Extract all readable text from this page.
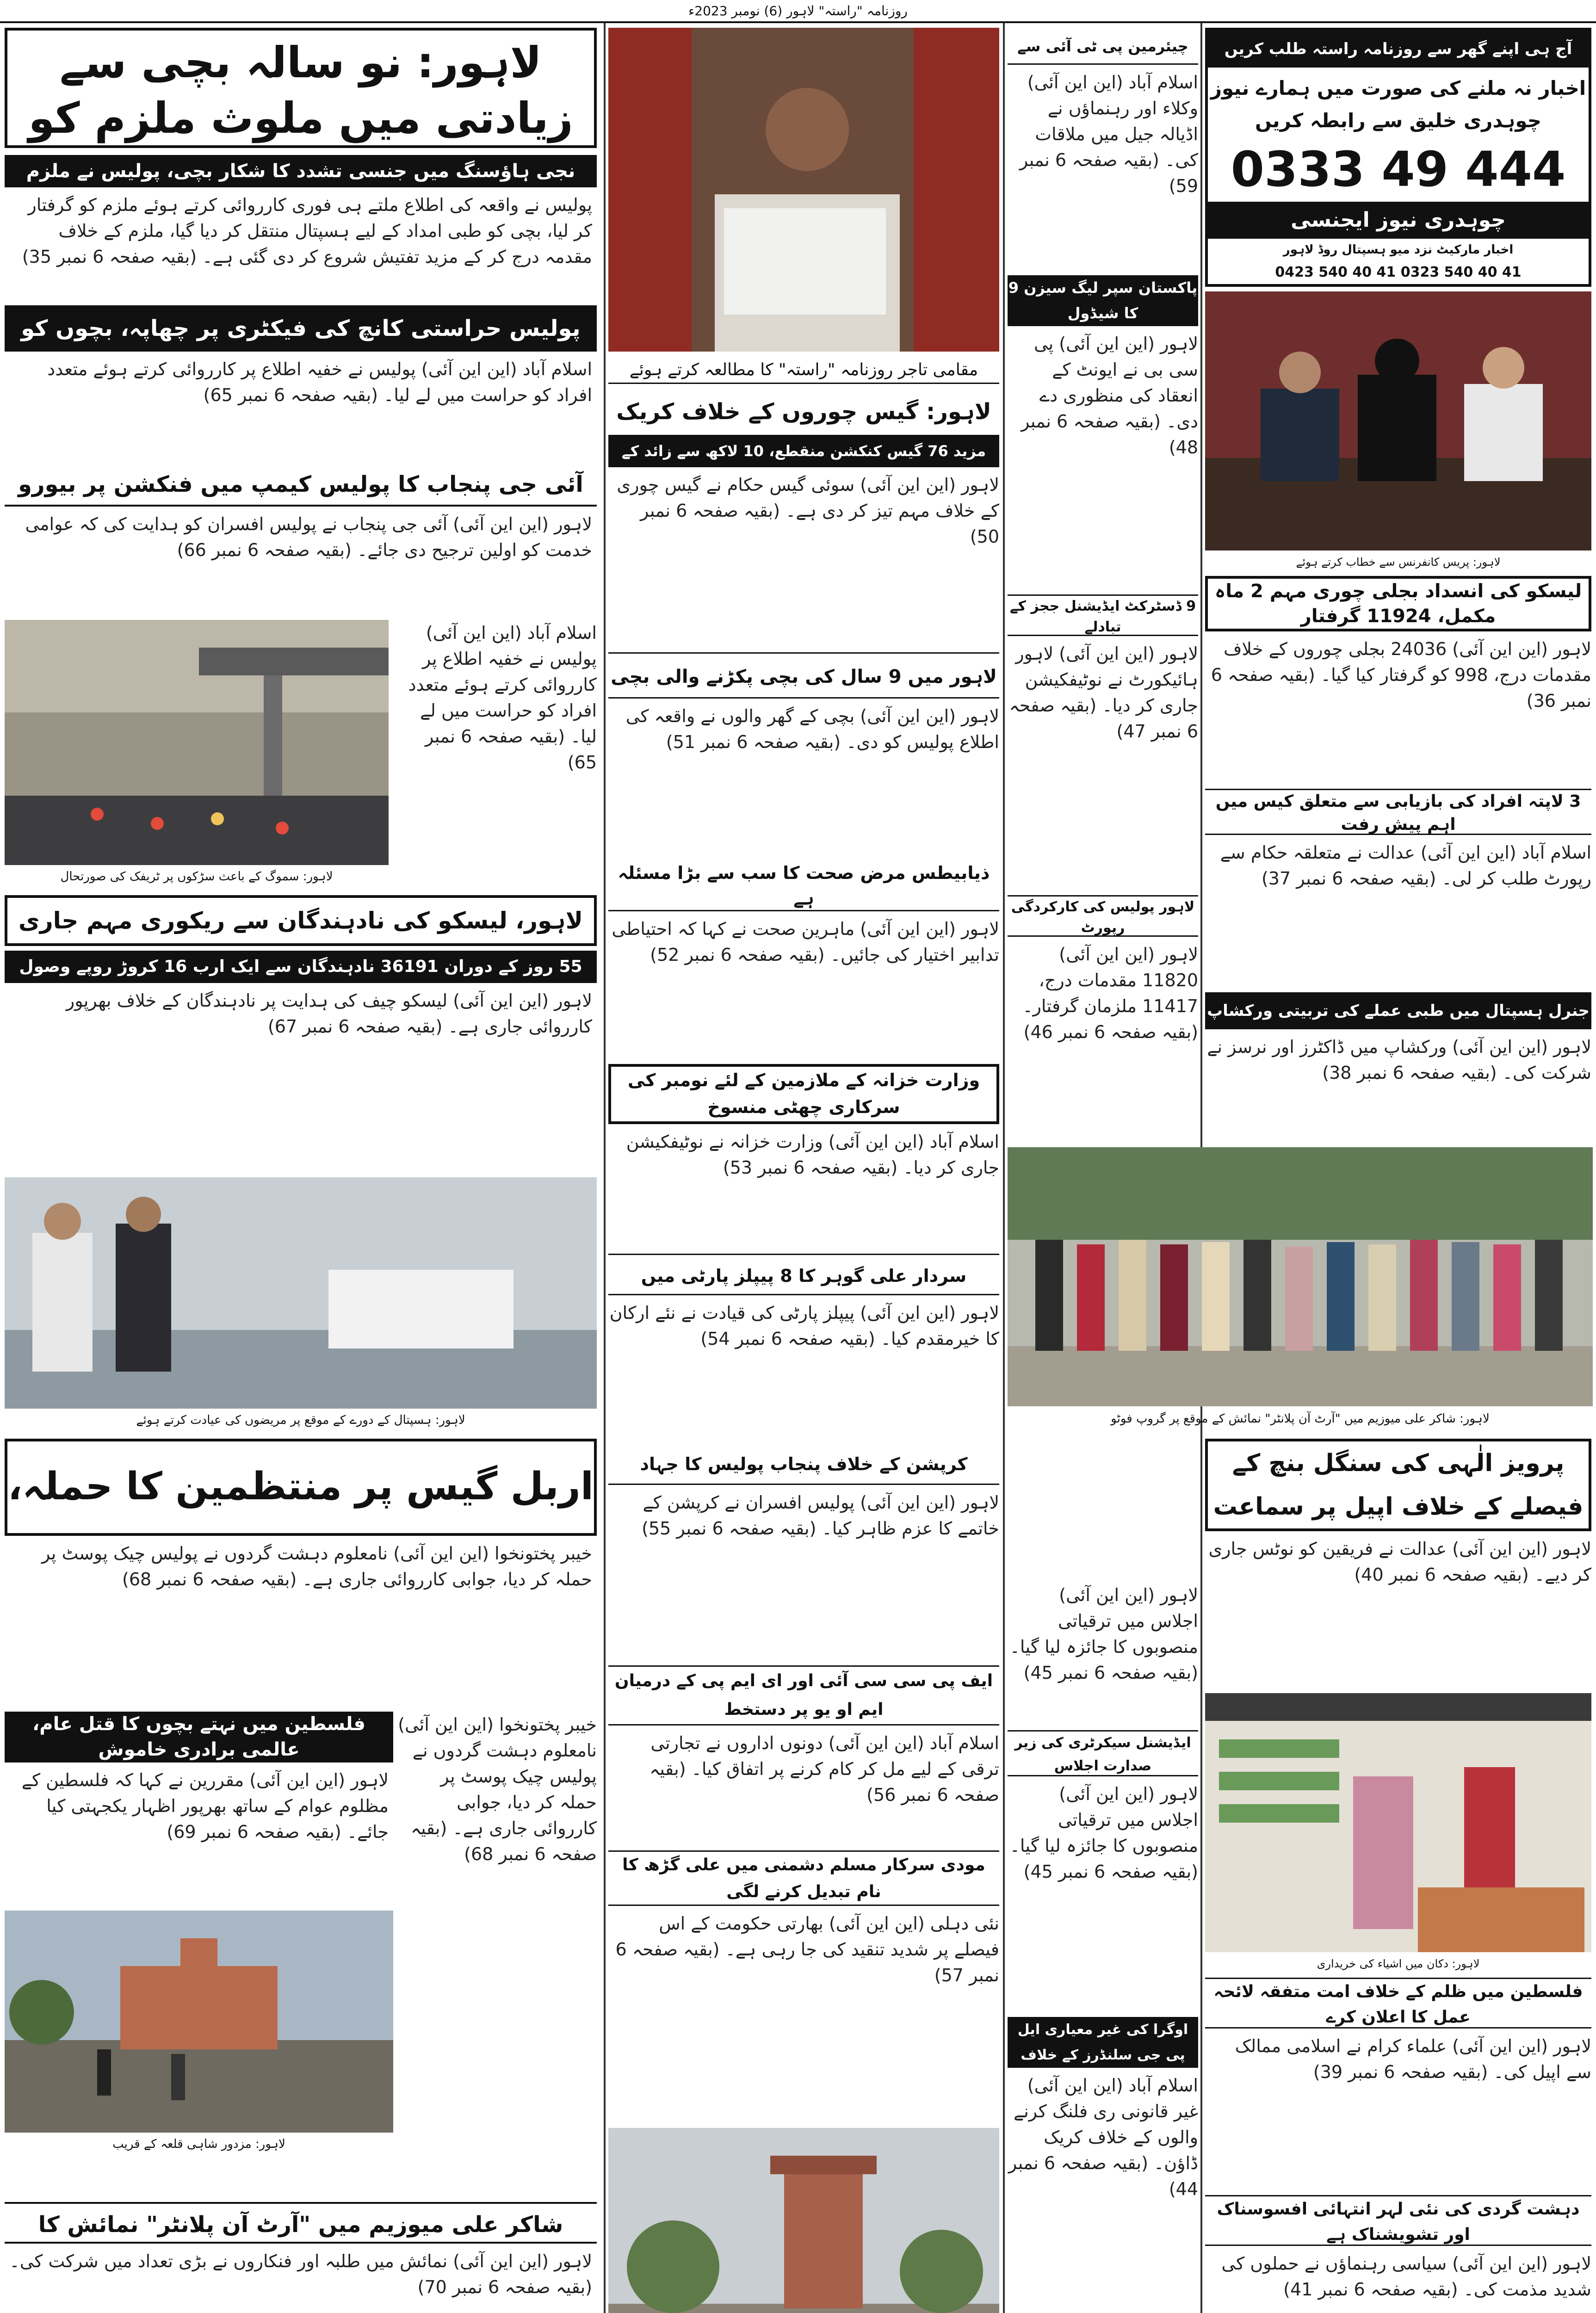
روزنامہ "راستہ" لاہور (6) نومبر 2023ء
لاہور: نو سالہ بچی سے زیادتی میں ملوث ملزم کو
نجی ہاؤسنگ میں جنسی تشدد کا شکار بچی، پولیس نے ملزم
پولیس نے واقعہ کی اطلاع ملتے ہی فوری کارروائی کرتے ہوئے ملزم کو گرفتار کر لیا، بچی کو طبی امداد کے لیے ہسپتال منتقل کر دیا گیا، ملزم کے خلاف مقدمہ درج کر کے مزید تفتیش شروع کر دی گئی ہے۔ (بقیہ صفحہ 6 نمبر 35)
پولیس حراستی کانچ کی فیکٹری پر چھاپہ، بچوں کو
اسلام آباد (این این آئی) پولیس نے خفیہ اطلاع پر کارروائی کرتے ہوئے متعدد افراد کو حراست میں لے لیا۔ (بقیہ صفحہ 6 نمبر 65)
آئی جی پنجاب کا پولیس کیمپ میں فنکشن پر بیورو
لاہور (این این آئی) آئی جی پنجاب نے پولیس افسران کو ہدایت کی کہ عوامی خدمت کو اولین ترجیح دی جائے۔ (بقیہ صفحہ 6 نمبر 66)
لاہور: سموگ کے باعث سڑکوں پر ٹریفک کی صورتحال
اسلام آباد (این این آئی) پولیس نے خفیہ اطلاع پر کارروائی کرتے ہوئے متعدد افراد کو حراست میں لے لیا۔ (بقیہ صفحہ 6 نمبر 65)
لاہور، لیسکو کی نادہندگان سے ریکوری مہم جاری
55 روز کے دوران 36191 نادہندگان سے ایک ارب 16 کروڑ روپے وصول
لاہور (این این آئی) لیسکو چیف کی ہدایت پر نادہندگان کے خلاف بھرپور کارروائی جاری ہے۔ (بقیہ صفحہ 6 نمبر 67)
لاہور: ہسپتال کے دورے کے موقع پر مریضوں کی عیادت کرتے ہوئے
اربل گیس پر منتظمین کا حملہ،
خیبر پختونخوا (این این آئی) نامعلوم دہشت گردوں نے پولیس چیک پوسٹ پر حملہ کر دیا، جوابی کارروائی جاری ہے۔ (بقیہ صفحہ 6 نمبر 68)
فلسطین میں نہتے بچوں کا قتل عام، عالمی برادری خاموش
لاہور (این این آئی) مقررین نے کہا کہ فلسطین کے مظلوم عوام کے ساتھ بھرپور اظہار یکجہتی کیا جائے۔ (بقیہ صفحہ 6 نمبر 69)
خیبر پختونخوا (این این آئی) نامعلوم دہشت گردوں نے پولیس چیک پوسٹ پر حملہ کر دیا، جوابی کارروائی جاری ہے۔ (بقیہ صفحہ 6 نمبر 68)
لاہور: مزدور شاہی قلعہ کے قریب
شاکر علی میوزیم میں "آرٹ آن پلانٹر" نمائش کا
لاہور (این این آئی) نمائش میں طلبہ اور فنکاروں نے بڑی تعداد میں شرکت کی۔ (بقیہ صفحہ 6 نمبر 70)
مقامی تاجر روزنامہ "راستہ" کا مطالعہ کرتے ہوئے
لاہور: گیس چوروں کے خلاف کریک
مزید 76 گیس کنکشن منقطع، 10 لاکھ سے زائد کے
لاہور (این این آئی) سوئی گیس حکام نے گیس چوری کے خلاف مہم تیز کر دی ہے۔ (بقیہ صفحہ 6 نمبر 50)
لاہور میں 9 سال کی بچی پکڑنے والی بچی
لاہور (این این آئی) بچی کے گھر والوں نے واقعہ کی اطلاع پولیس کو دی۔ (بقیہ صفحہ 6 نمبر 51)
ذیابیطس مرض صحت کا سب سے بڑا مسئلہ ہے
لاہور (این این آئی) ماہرین صحت نے کہا کہ احتیاطی تدابیر اختیار کی جائیں۔ (بقیہ صفحہ 6 نمبر 52)
وزارت خزانہ کے ملازمین کے لئے نومبر کی سرکاری چھٹی منسوخ
اسلام آباد (این این آئی) وزارت خزانہ نے نوٹیفکیشن جاری کر دیا۔ (بقیہ صفحہ 6 نمبر 53)
سردار علی گوہر کا 8 پیپلز پارٹی میں
لاہور (این این آئی) پیپلز پارٹی کی قیادت نے نئے ارکان کا خیرمقدم کیا۔ (بقیہ صفحہ 6 نمبر 54)
کرپشن کے خلاف پنجاب پولیس کا جہاد
لاہور (این این آئی) پولیس افسران نے کرپشن کے خاتمے کا عزم ظاہر کیا۔ (بقیہ صفحہ 6 نمبر 55)
ایف پی سی سی آئی اور ای ایم پی کے درمیان ایم او یو پر دستخط
اسلام آباد (این این آئی) دونوں اداروں نے تجارتی ترقی کے لیے مل کر کام کرنے پر اتفاق کیا۔ (بقیہ صفحہ 6 نمبر 56)
مودی سرکار مسلم دشمنی میں علی گڑھ کا نام تبدیل کرنے لگی
نئی دہلی (این این آئی) بھارتی حکومت کے اس فیصلے پر شدید تنقید کی جا رہی ہے۔ (بقیہ صفحہ 6 نمبر 57)
چیئرمین پی ٹی آئی سے
اسلام آباد (این این آئی) وکلاء اور رہنماؤں نے اڈیالہ جیل میں ملاقات کی۔ (بقیہ صفحہ 6 نمبر 59)
پاکستان سپر لیگ سیزن 9 کا شیڈول
لاہور (این این آئی) پی سی بی نے ایونٹ کے انعقاد کی منظوری دے دی۔ (بقیہ صفحہ 6 نمبر 48)
9 ڈسٹرکٹ ایڈیشنل ججز کے تبادلے
لاہور (این این آئی) لاہور ہائیکورٹ نے نوٹیفکیشن جاری کر دیا۔ (بقیہ صفحہ 6 نمبر 47)
لاہور پولیس کی کارکردگی رپورٹ
لاہور (این این آئی) 11820 مقدمات درج، 11417 ملزمان گرفتار۔ (بقیہ صفحہ 6 نمبر 46)
لاہور: شاکر علی میوزیم میں "آرٹ آن پلانٹر" نمائش کے موقع پر گروپ فوٹو
لاہور (این این آئی) اجلاس میں ترقیاتی منصوبوں کا جائزہ لیا گیا۔ (بقیہ صفحہ 6 نمبر 45)
ایڈیشنل سیکرٹری کی زیر صدارت اجلاس
لاہور (این این آئی) اجلاس میں ترقیاتی منصوبوں کا جائزہ لیا گیا۔ (بقیہ صفحہ 6 نمبر 45)
اوگرا کی غیر معیاری ایل پی جی سلنڈرز کے خلاف
اسلام آباد (این این آئی) غیر قانونی ری فلنگ کرنے والوں کے خلاف کریک ڈاؤن۔ (بقیہ صفحہ 6 نمبر 44)
آج ہی اپنے گھر سے روزنامہ راستہ طلب کریں
اخبار نہ ملنے کی صورت میں ہمارے نیوز
چوہدری خلیق سے رابطہ کریں
0333 49 444
چوہدری نیوز ایجنسی
اخبار مارکیٹ نزد میو ہسپتال روڈ لاہور
0423 540 40 41 0323 540 40 41
لاہور: پریس کانفرنس سے خطاب کرتے ہوئے
لیسکو کی انسداد بجلی چوری مہم 2 ماہ مکمل، 11924 گرفتار
لاہور (این این آئی) 24036 بجلی چوروں کے خلاف مقدمات درج، 998 کو گرفتار کیا گیا۔ (بقیہ صفحہ 6 نمبر 36)
3 لاپتہ افراد کی بازیابی سے متعلق کیس میں اہم پیش رفت
اسلام آباد (این این آئی) عدالت نے متعلقہ حکام سے رپورٹ طلب کر لی۔ (بقیہ صفحہ 6 نمبر 37)
جنرل ہسپتال میں طبی عملے کی تربیتی ورکشاپ
لاہور (این این آئی) ورکشاپ میں ڈاکٹرز اور نرسز نے شرکت کی۔ (بقیہ صفحہ 6 نمبر 38)
پرویز الٰہی کی سنگل بنچ کے فیصلے کے خلاف اپیل پر سماعت
لاہور (این این آئی) عدالت نے فریقین کو نوٹس جاری کر دیے۔ (بقیہ صفحہ 6 نمبر 40)
لاہور: دکان میں اشیاء کی خریداری
فلسطین میں ظلم کے خلاف امت متفقہ لائحہ عمل کا اعلان کرے
لاہور (این این آئی) علماء کرام نے اسلامی ممالک سے اپیل کی۔ (بقیہ صفحہ 6 نمبر 39)
دہشت گردی کی نئی لہر انتہائی افسوسناک اور تشویشناک ہے
لاہور (این این آئی) سیاسی رہنماؤں نے حملوں کی شدید مذمت کی۔ (بقیہ صفحہ 6 نمبر 41)
